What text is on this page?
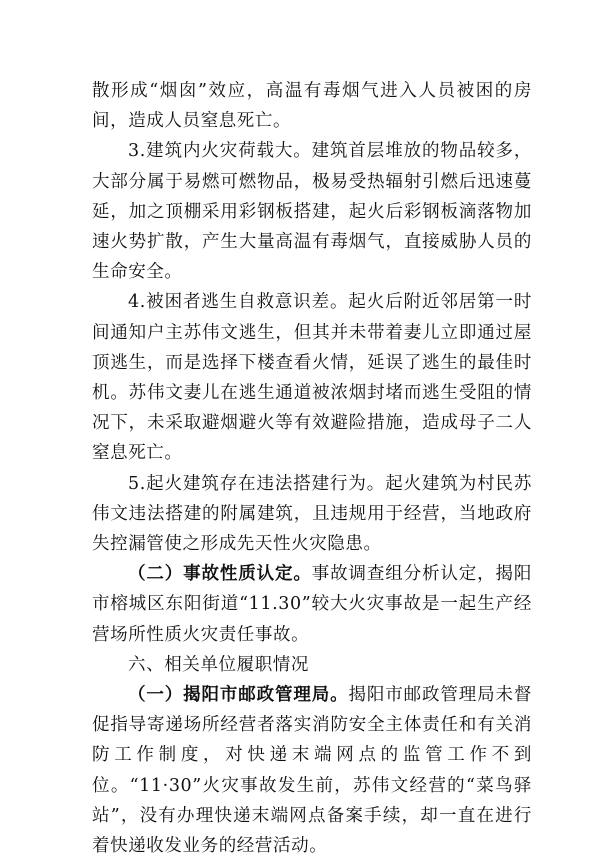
散形成“烟囱”效应，高温有毒烟气进入人员被困的房间，造成人员窒息死亡。

3.建筑内火灾荷载大。建筑首层堆放的物品较多，大部分属于易燃可燃物品，极易受热辐射引燃后迅速蔓延，加之顶棚采用彩钢板搭建，起火后彩钢板滴落物加速火势扩散，产生大量高温有毒烟气，直接威胁人员的生命安全。

4.被困者逃生自救意识差。起火后附近邻居第一时间通知户主苏伟文逃生，但其并未带着妻儿立即通过屋顶逃生，而是选择下楼查看火情，延误了逃生的最佳时机。苏伟文妻儿在逃生通道被浓烟封堵而逃生受阻的情况下，未采取避烟避火等有效避险措施，造成母子二人窒息死亡。

5.起火建筑存在违法搭建行为。起火建筑为村民苏伟文违法搭建的附属建筑，且违规用于经营，当地政府失控漏管使之形成先天性火灾隐患。

（二）事故性质认定。事故调查组分析认定，揭阳市榕城区东阳街道“11.30”较大火灾事故是一起生产经营场所性质火灾责任事故。

六、相关单位履职情况

（一）揭阳市邮政管理局。揭阳市邮政管理局未督促指导寄递场所经营者落实消防安全主体责任和有关消防工作制度，对快递末端网点的监管工作不到位。“11·30”火灾事故发生前，苏伟文经营的“菜鸟驿站”，没有办理快递末端网点备案手续，却一直在进行着快递收发业务的经营活动。
